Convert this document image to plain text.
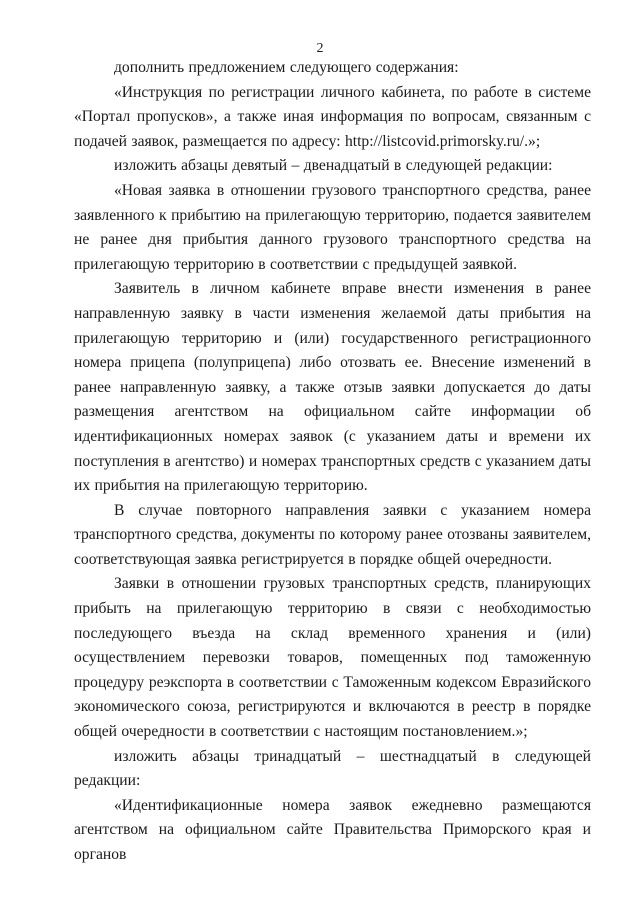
2

дополнить предложением следующего содержания:

«Инструкция по регистрации личного кабинета, по работе в системе «Портал пропусков», а также иная информация по вопросам, связанным с подачей заявок, размещается по адресу: http://listcovid.primorsky.ru/.»;

изложить абзацы девятый – двенадцатый в следующей редакции:

«Новая заявка в отношении грузового транспортного средства, ранее заявленного к прибытию на прилегающую территорию, подается заявителем не ранее дня прибытия данного грузового транспортного средства на прилегающую территорию в соответствии с предыдущей заявкой.

Заявитель в личном кабинете вправе внести изменения в ранее направленную заявку в части изменения желаемой даты прибытия на прилегающую территорию и (или) государственного регистрационного номера прицепа (полуприцепа) либо отозвать ее. Внесение изменений в ранее направленную заявку, а также отзыв заявки допускается до даты размещения агентством на официальном сайте информации об идентификационных номерах заявок (с указанием даты и времени их поступления в агентство) и номерах транспортных средств с указанием даты их прибытия на прилегающую территорию.

В случае повторного направления заявки с указанием номера транспортного средства, документы по которому ранее отозваны заявителем, соответствующая заявка регистрируется в порядке общей очередности.

Заявки в отношении грузовых транспортных средств, планирующих прибыть на прилегающую территорию в связи с необходимостью последующего въезда на склад временного хранения и (или) осуществлением перевозки товаров, помещенных под таможенную процедуру реэкспорта в соответствии с Таможенным кодексом Евразийского экономического союза, регистрируются и включаются в реестр в порядке общей очередности в соответствии с настоящим постановлением.»;

изложить абзацы тринадцатый – шестнадцатый в следующей редакции:

«Идентификационные номера заявок ежедневно размещаются агентством на официальном сайте Правительства Приморского края и органов
